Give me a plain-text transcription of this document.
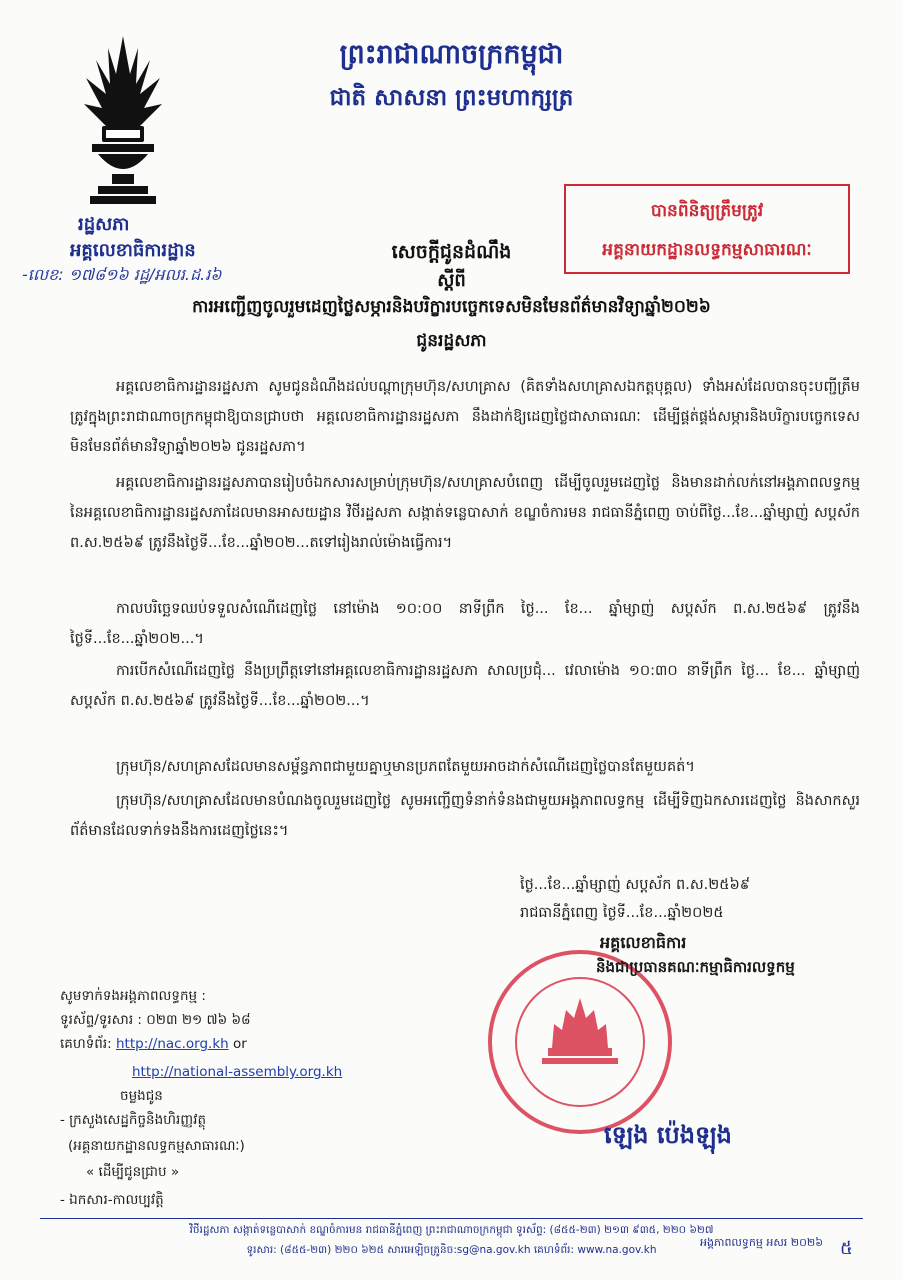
ព្រះរាជាណាចក្រកម្ពុជា
ជាតិ សាសនា ព្រះមហាក្សត្រ
រដ្ឋសភា
អគ្គលេខាធិការដ្ឋាន
-លេខ: ១៧៨១៦ រដ្ឋ/អលរ.ដ.រ៦
បានពិនិត្យត្រឹមត្រូវ
អគ្គនាយកដ្ឋានលទ្ធកម្មសាធារណៈ
សេចក្តីជូនដំណឹង
ស្តីពី
ការអញ្ជើញចូលរួមដេញថ្លៃសម្ភារនិងបរិក្ខារបច្ចេកទេសមិនមែនព័ត៌មានវិទ្យាឆ្នាំ២០២៦
ជូនរដ្ឋសភា
អគ្គលេខាធិការដ្ឋានរដ្ឋសភា សូមជូនដំណឹងដល់បណ្តាក្រុមហ៊ុន/សហគ្រាស (គិតទាំងសហគ្រាសឯកត្តបុគ្គល) ទាំងអស់ដែលបានចុះបញ្ជីត្រឹមត្រូវក្នុងព្រះរាជាណាចក្រកម្ពុជាឱ្យបានជ្រាបថា អគ្គលេខាធិការដ្ឋានរដ្ឋសភា នឹងដាក់ឱ្យដេញថ្លៃជាសាធារណៈ ដើម្បីផ្គត់ផ្គង់សម្ភារនិងបរិក្ខារបច្ចេកទេសមិនមែនព័ត៌មានវិទ្យាឆ្នាំ២០២៦ ជូនរដ្ឋសភា។
អគ្គលេខាធិការដ្ឋានរដ្ឋសភាបានរៀបចំឯកសារសម្រាប់ក្រុមហ៊ុន/សហគ្រាសបំពេញ ដើម្បីចូលរួមដេញថ្លៃ និងមានដាក់លក់នៅអង្គភាពលទ្ធកម្មនៃអគ្គលេខាធិការដ្ឋានរដ្ឋសភាដែលមានអាសយដ្ឋាន វិថីរដ្ឋសភា សង្កាត់ទន្លេបាសាក់ ខណ្ឌចំការមន រាជធានីភ្នំពេញ ចាប់ពីថ្ងៃ...ខែ...ឆ្នាំម្សាញ់ សប្តស័ក ព.ស.២៥៦៩ ត្រូវនឹងថ្ងៃទី...ខែ...ឆ្នាំ២០២...តទៅរៀងរាល់ម៉ោងធ្វើការ។
កាលបរិច្ឆេទឈប់ទទួលសំណើដេញថ្លៃ នៅម៉ោង ១០:០០ នាទីព្រឹក ថ្ងៃ... ខែ... ឆ្នាំម្សាញ់ សប្តស័ក ព.ស.២៥៦៩ ត្រូវនឹងថ្ងៃទី...ខែ...ឆ្នាំ២០២...។
ការបើកសំណើដេញថ្លៃ នឹងប្រព្រឹត្តទៅនៅអគ្គលេខាធិការដ្ឋានរដ្ឋសភា សាលប្រជុំ... វេលាម៉ោង ១០:៣០ នាទីព្រឹក ថ្ងៃ... ខែ... ឆ្នាំម្សាញ់ សប្តស័ក ព.ស.២៥៦៩ ត្រូវនឹងថ្ងៃទី...ខែ...ឆ្នាំ២០២...។
ក្រុមហ៊ុន/សហគ្រាសដែលមានសម្ព័ន្ធភាពជាមួយគ្នាឬមានប្រភពតែមួយអាចដាក់សំណើដេញថ្លៃបានតែមួយគត់។
ក្រុមហ៊ុន/សហគ្រាសដែលមានបំណងចូលរួមដេញថ្លៃ សូមអញ្ជើញទំនាក់ទំនងជាមួយអង្គភាពលទ្ធកម្ម ដើម្បីទិញឯកសារដេញថ្លៃ និងសាកសួរព័ត៌មានដែលទាក់ទងនឹងការដេញថ្លៃនេះ។
ថ្ងៃ...ខែ...ឆ្នាំម្សាញ់ សប្តស័ក ព.ស.២៥៦៩
រាជធានីភ្នំពេញ ថ្ងៃទី...ខែ...ឆ្នាំ២០២៥
អគ្គលេខាធិការ
និងជាប្រធានគណៈកម្មាធិការលទ្ធកម្ម
ឡេង ប៉េងឡុង
សូមទាក់ទងអង្គភាពលទ្ធកម្ម :
ទូរស័ព្ទ/ទូរសារ : ០២៣ ២១ ៧៦ ៦៨
គេហទំព័រ: http://nac.org.kh or
http://national-assembly.org.kh
ចម្លងជូន
- ក្រសួងសេដ្ឋកិច្ចនិងហិរញ្ញវត្ថុ
(អគ្គនាយកដ្ឋានលទ្ធកម្មសាធារណៈ)
« ដើម្បីជូនជ្រាប »
- ឯកសារ-កាលប្បវត្តិ
វិថីរដ្ឋសភា សង្កាត់ទន្លេបាសាក់ ខណ្ឌចំការមន រាជធានីភ្នំពេញ ព្រះរាជាណាចក្រកម្ពុជា ទូរស័ព្ទ: (៨៥៥-២៣) ២១៣ ៩៣៥, ២២០ ៦២៧
ទូរសារ: (៨៥៥-២៣) ២២០ ៦២៥ សារអេឡិចត្រូនិច:sg@na.gov.kh គេហទំព័រ: www.na.gov.kh
អង្គភាពលទ្ធកម្ម អសរ ២០២៦ ៥
